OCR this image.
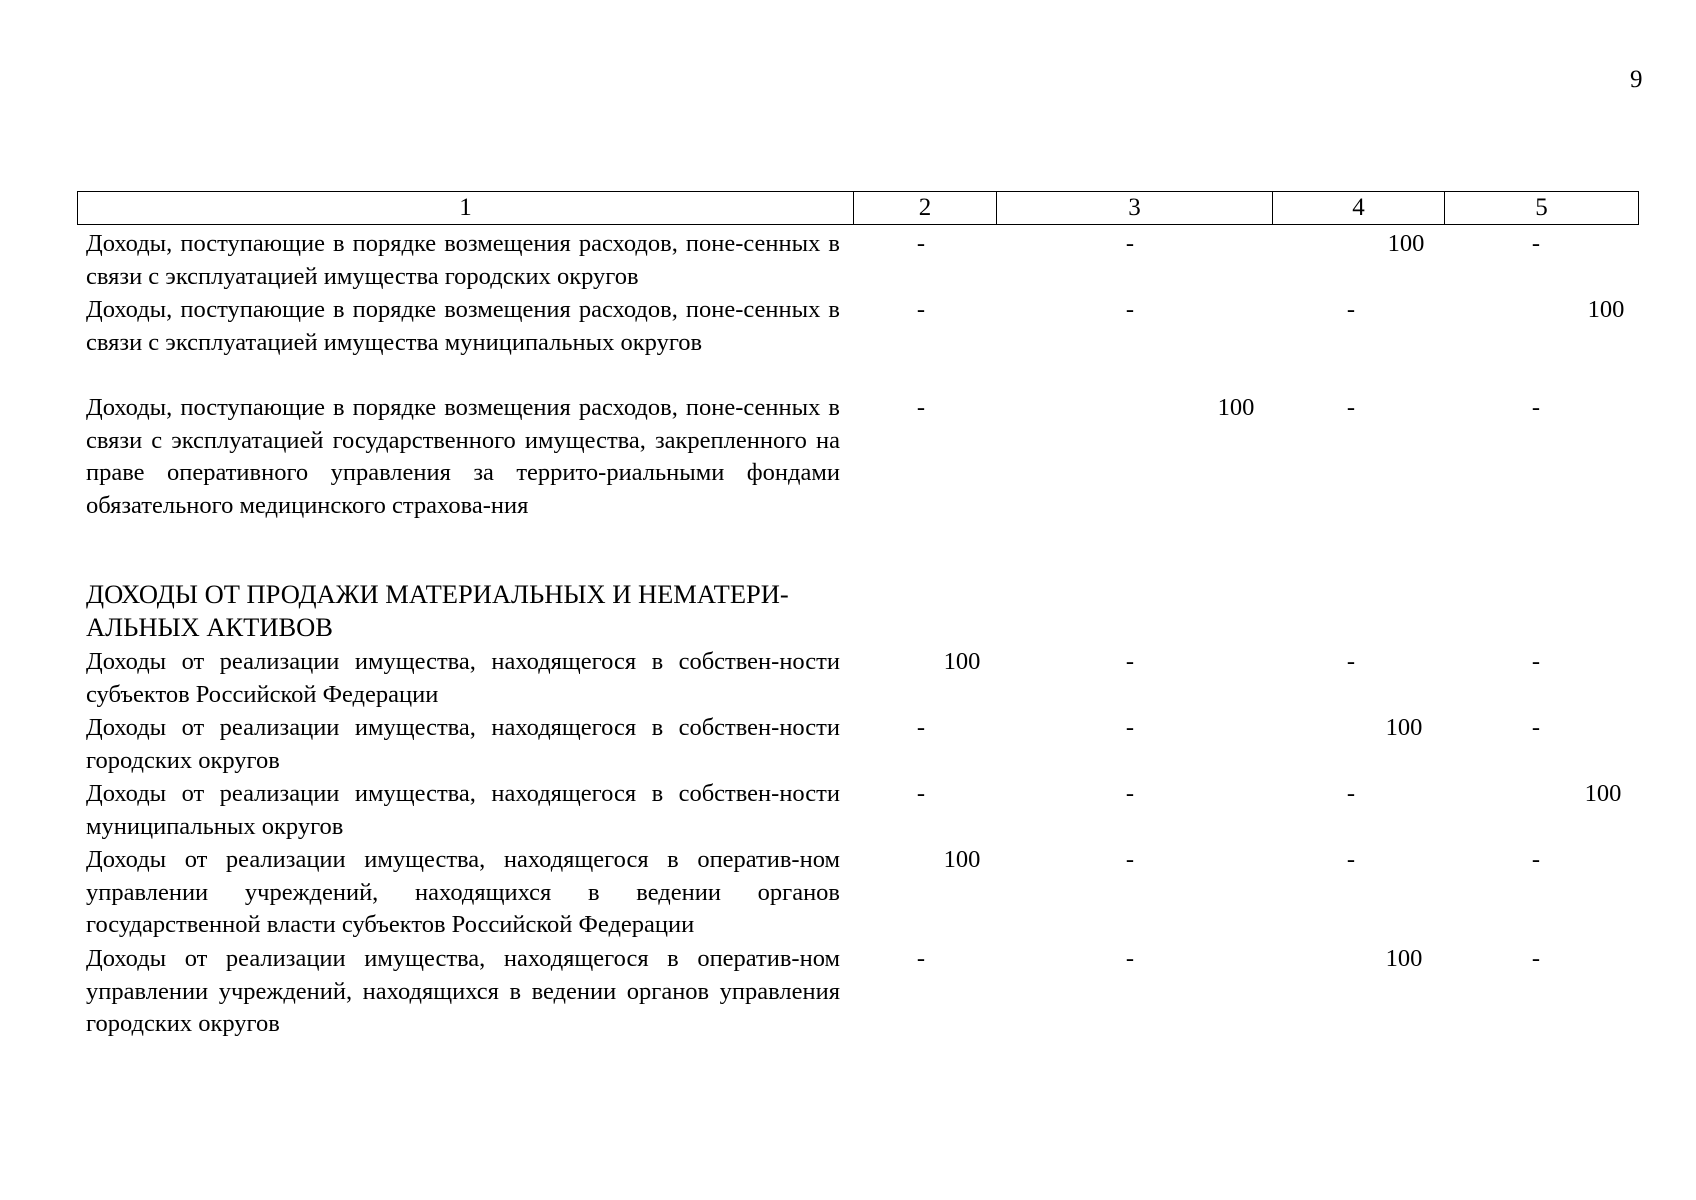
9
1	2	3	4	5
Доходы, поступающие в порядке возмещения расходов, поне-сенных в связи с эксплуатацией имущества городских округов
-	-	100	-
Доходы, поступающие в порядке возмещения расходов, поне-сенных в связи с эксплуатацией имущества муниципальных округов
-	-	-	100
Доходы, поступающие в порядке возмещения расходов, поне-сенных в связи с эксплуатацией государственного имущества, закрепленного на праве оперативного управления за террито-риальными фондами обязательного медицинского страхова-ния
-	100	-	-
ДОХОДЫ ОТ ПРОДАЖИ МАТЕРИАЛЬНЫХ И НЕМАТЕРИ-АЛЬНЫХ АКТИВОВ
Доходы от реализации имущества, находящегося в собствен-ности субъектов Российской Федерации
100	-	-	-
Доходы от реализации имущества, находящегося в собствен-ности городских округов
-	-	100	-
Доходы от реализации имущества, находящегося в собствен-ности муниципальных округов
-	-	-	100
Доходы от реализации имущества, находящегося в оператив-ном управлении учреждений, находящихся в ведении органов государственной власти субъектов Российской Федерации
100	-	-	-
Доходы от реализации имущества, находящегося в оператив-ном управлении учреждений, находящихся в ведении органов управления городских округов
-	-	100	-
